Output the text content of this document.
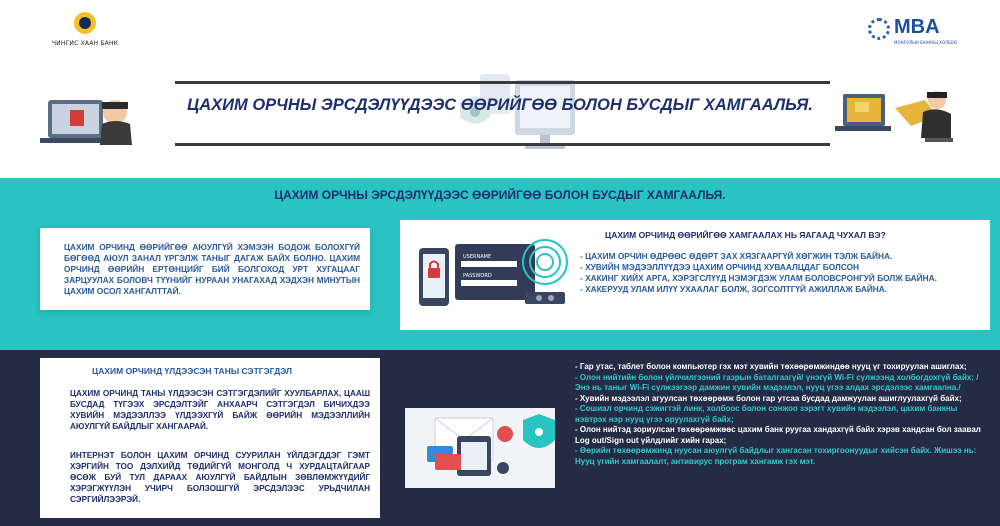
ЧИНГИС ХААН БАНК
MBA
МОНГОЛЫН БАНКНЫ ХОЛБОО
ЦАХИМ ОРЧНЫ ЭРСДЭЛҮҮДЭЭС ӨӨРИЙГӨӨ БОЛОН БУСДЫГ ХАМГААЛЬЯ.
ЦАХИМ ОРЧНЫ ЭРСДЭЛҮҮДЭЭС ӨӨРИЙГӨӨ БОЛОН БУСДЫГ ХАМГААЛЬЯ.

ЦАХИМ ОРЧИНД ӨӨРИЙГӨӨ АЮУЛГҮЙ ХЭМЭЭН БОДОЖ БОЛОХГҮЙ БӨГӨӨД АЮУЛ ЗАНАЛ ҮРГЭЛЖ ТАНЫГ ДАГАЖ БАЙХ БОЛНО. ЦАХИМ ОРЧИНД ӨӨРИЙН ЕРТӨНЦИЙГ БИЙ БОЛГОХОД УРТ ХУГАЦААГ ЗАРЦУУЛАХ БОЛОВЧ ТҮҮНИЙГ НУРААН УНАГАХАД ХЭДХЭН МИНУТЫН ЦАХИМ ОСОЛ ХАНГАЛТТАЙ.

USERNAME
PASSWORD
ЦАХИМ ОРЧИНД ӨӨРИЙГӨӨ ХАМГААЛАХ НЬ ЯАГААД ЧУХАЛ ВЭ?
- ЦАХИМ ОРЧИН ӨДРӨӨС ӨДӨРТ ЗАХ ХЯЗГААРГҮЙ ХӨГЖИН ТЭЛЖ БАЙНА.
- ХУВИЙН МЭДЭЭЛЛҮҮДЭЭ ЦАХИМ ОРЧИНД ХУВААЛЦДАГ БОЛСОН
- ХАКИНГ ХИЙХ АРГА, ХЭРЭГСЛҮҮД НЭМЭГДЭЖ УЛАМ БОЛОВСРОНГУЙ БОЛЖ БАЙНА.
- ХАКЕРУУД УЛАМ ИЛҮҮ УХААЛАГ БОЛЖ, ЗОГСОЛТГҮЙ АЖИЛЛАЖ БАЙНА.
ЦАХИМ ОРЧИНД ҮЛДЭЭСЭН ТАНЫ СЭТГЭГДЭЛ

ЦАХИМ ОРЧИНД ТАНЫ ҮЛДЭЭСЭН СЭТГЭГДЭЛИЙГ ХУУЛБАРЛАХ, ЦААШ БУСДАД ТҮГЭЭХ ЭРСДЭЛТЭЙГ АНХААРЧ СЭТГЭГДЭЛ БИЧИХДЭЭ ХУВИЙН МЭДЭЭЛЛЭЭ ҮЛДЭЭХГҮЙ БАЙЖ ӨӨРИЙН МЭДЭЭЛЛИЙН АЮУЛГҮЙ БАЙДЛЫГ ХАНГААРАЙ.

ИНТЕРНЭТ БОЛОН ЦАХИМ ОРЧИНД СУУРИЛАН ҮЙЛДЭГДДЭГ ГЭМТ ХЭРГИЙН ТОО ДЭЛХИЙД ТӨДИЙГҮЙ МОНГОЛД Ч ХУРДАЦТАЙГААР ӨСӨЖ БУЙ ТУЛ ДАРААХ АЮУЛГҮЙ БАЙДЛЫН ЗӨВЛӨМЖҮҮДИЙГ ХЭРЭГЖҮҮЛЭН УЧИРЧ БОЛЗОШГҮЙ ЭРСДЭЛЭЭС УРЬДЧИЛАН СЭРГИЙЛЭЭРЭЙ.

- Гар утас, таблет болон компьютер гэх мэт хувийн төхөөрөмжиндөө нууц үг тохируулан ашиглах;
- Олон нийтийн болон үйлчилгээний газрын баталгаагүй/ үнэгүй Wi-Fi сүлжээнд холбогдохгүй байх; /Энэ нь таныг Wi-Fi сүлжээгээр дамжин хувийн мэдээлэл, нууц үгээ алдах эрсдэлээс хамгаална./
- Хувийн мэдээлэл агуулсан төхөөрөмж болон гар утсаа бусдад дамжуулан ашиглуулахгүй байх;
- Сошиал орчинд сэжигтэй линк, холбоос болон сонжоо зэрэгт хувийн мэдээлэл, цахим банкны нэвтрэх нэр нууц үгээ оруулахгүй байх;
- Олон нийтэд зориулсан төхөөрөмжөөс цахим банк руугаа хандахгүй байх хэрэв хандсан бол заавал Log out/Sign out үйлдлийг хийн гарах;
- Өөрийн төхөөрөмжинд нуусан аюулгүй байдлыг хангасан тохиргоонуудыг хийсэн байх. Жишээ нь: Нууц үгийн хамгаалалт, антивирус програм хангамж гэх мэт.
